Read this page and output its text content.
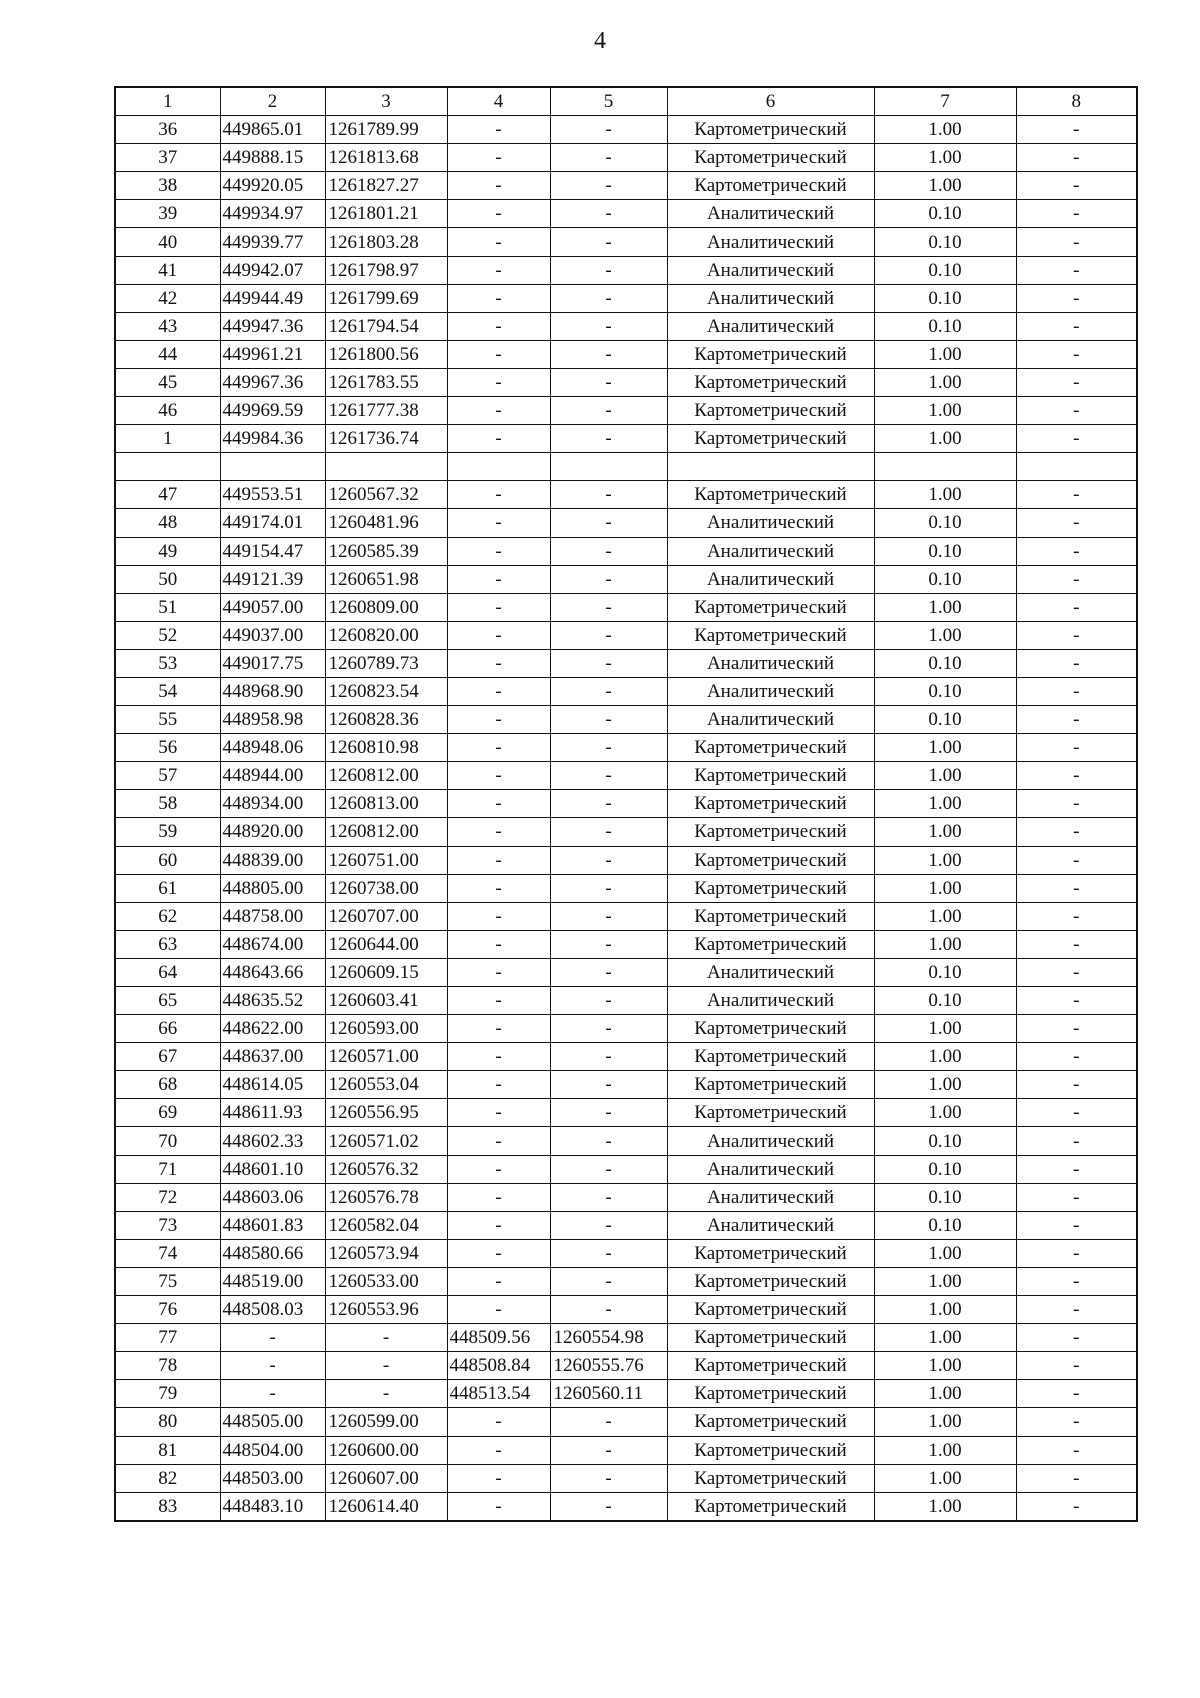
4
1	2	3	4	5	6	7	8
36	449865.01	1261789.99	-	-	Картометрический	1.00	-
37	449888.15	1261813.68	-	-	Картометрический	1.00	-
38	449920.05	1261827.27	-	-	Картометрический	1.00	-
39	449934.97	1261801.21	-	-	Аналитический	0.10	-
40	449939.77	1261803.28	-	-	Аналитический	0.10	-
41	449942.07	1261798.97	-	-	Аналитический	0.10	-
42	449944.49	1261799.69	-	-	Аналитический	0.10	-
43	449947.36	1261794.54	-	-	Аналитический	0.10	-
44	449961.21	1261800.56	-	-	Картометрический	1.00	-
45	449967.36	1261783.55	-	-	Картометрический	1.00	-
46	449969.59	1261777.38	-	-	Картометрический	1.00	-
1	449984.36	1261736.74	-	-	Картометрический	1.00	-

47	449553.51	1260567.32	-	-	Картометрический	1.00	-
48	449174.01	1260481.96	-	-	Аналитический	0.10	-
49	449154.47	1260585.39	-	-	Аналитический	0.10	-
50	449121.39	1260651.98	-	-	Аналитический	0.10	-
51	449057.00	1260809.00	-	-	Картометрический	1.00	-
52	449037.00	1260820.00	-	-	Картометрический	1.00	-
53	449017.75	1260789.73	-	-	Аналитический	0.10	-
54	448968.90	1260823.54	-	-	Аналитический	0.10	-
55	448958.98	1260828.36	-	-	Аналитический	0.10	-
56	448948.06	1260810.98	-	-	Картометрический	1.00	-
57	448944.00	1260812.00	-	-	Картометрический	1.00	-
58	448934.00	1260813.00	-	-	Картометрический	1.00	-
59	448920.00	1260812.00	-	-	Картометрический	1.00	-
60	448839.00	1260751.00	-	-	Картометрический	1.00	-
61	448805.00	1260738.00	-	-	Картометрический	1.00	-
62	448758.00	1260707.00	-	-	Картометрический	1.00	-
63	448674.00	1260644.00	-	-	Картометрический	1.00	-
64	448643.66	1260609.15	-	-	Аналитический	0.10	-
65	448635.52	1260603.41	-	-	Аналитический	0.10	-
66	448622.00	1260593.00	-	-	Картометрический	1.00	-
67	448637.00	1260571.00	-	-	Картометрический	1.00	-
68	448614.05	1260553.04	-	-	Картометрический	1.00	-
69	448611.93	1260556.95	-	-	Картометрический	1.00	-
70	448602.33	1260571.02	-	-	Аналитический	0.10	-
71	448601.10	1260576.32	-	-	Аналитический	0.10	-
72	448603.06	1260576.78	-	-	Аналитический	0.10	-
73	448601.83	1260582.04	-	-	Аналитический	0.10	-
74	448580.66	1260573.94	-	-	Картометрический	1.00	-
75	448519.00	1260533.00	-	-	Картометрический	1.00	-
76	448508.03	1260553.96	-	-	Картометрический	1.00	-
77	-	-	448509.56	1260554.98	Картометрический	1.00	-
78	-	-	448508.84	1260555.76	Картометрический	1.00	-
79	-	-	448513.54	1260560.11	Картометрический	1.00	-
80	448505.00	1260599.00	-	-	Картометрический	1.00	-
81	448504.00	1260600.00	-	-	Картометрический	1.00	-
82	448503.00	1260607.00	-	-	Картометрический	1.00	-
83	448483.10	1260614.40	-	-	Картометрический	1.00	-
